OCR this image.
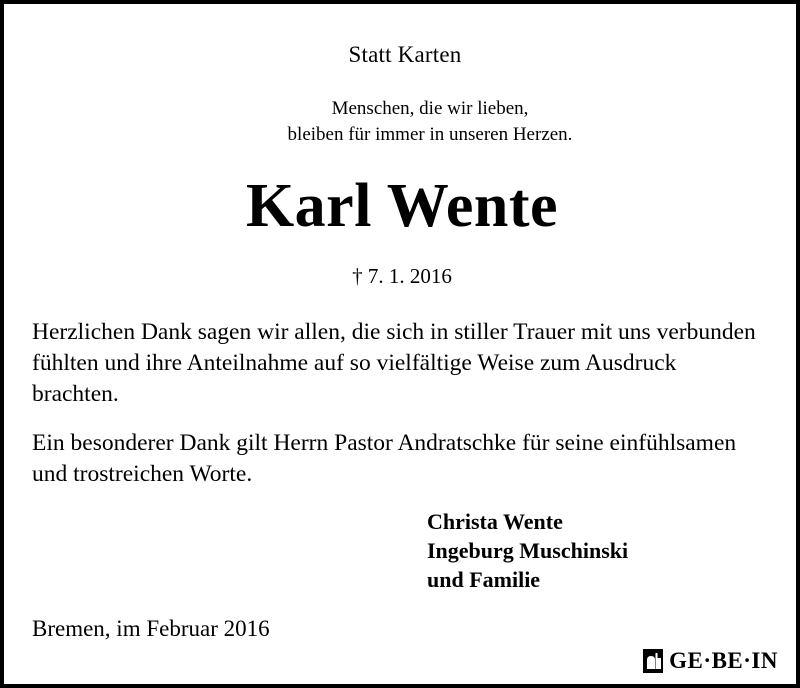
Statt Karten
Menschen, die wir lieben,
bleiben für immer in unseren Herzen.
Karl Wente
† 7. 1. 2016

Herzlichen Dank sagen wir allen, die sich in stiller Trauer mit uns verbunden fühlten und ihre Anteilnahme auf so vielfältige Weise zum Ausdruck brachten.

Ein besonderer Dank gilt Herrn Pastor Andratschke für seine einfühlsamen und trostreichen Worte.

Christa Wente
Ingeburg Muschinski
und Familie
Bremen, im Februar 2016
GE·BE·IN
